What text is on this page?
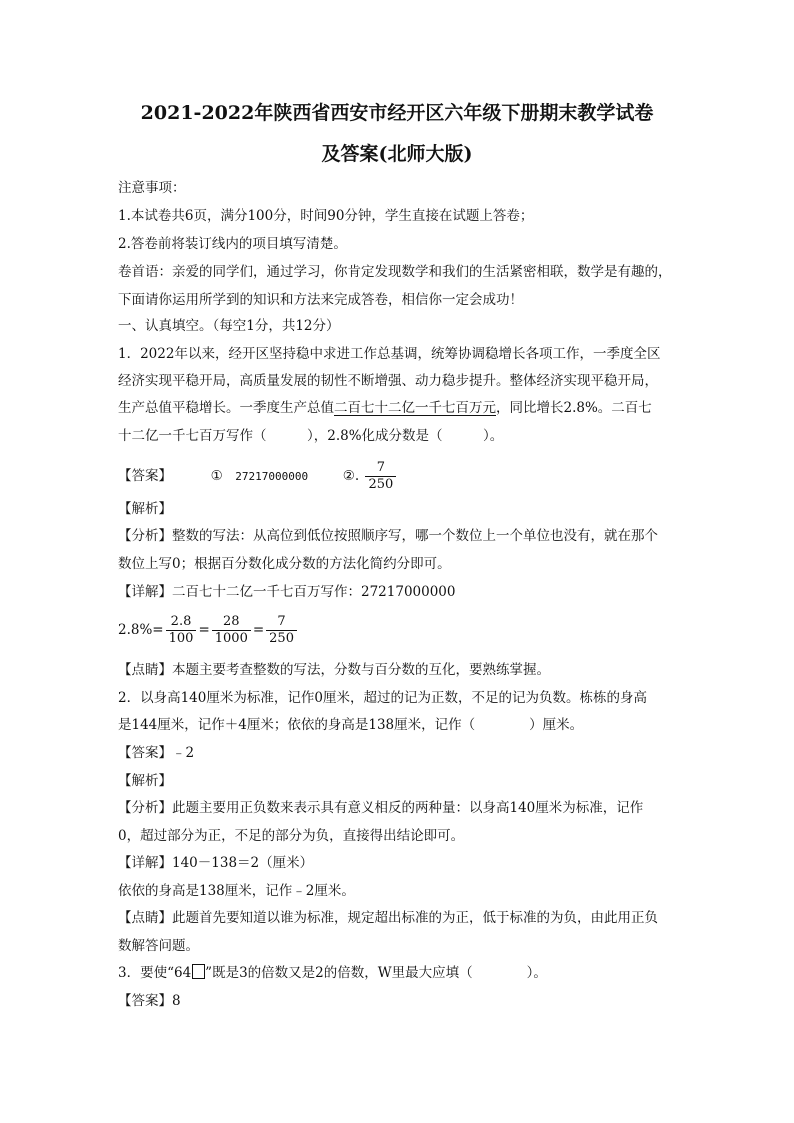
2021-2022年陕西省西安市经开区六年级下册期末教学试卷
及答案(北师大版)
注意事项：
1.本试卷共6页，满分100分，时间90分钟，学生直接在试题上答卷；
2.答卷前将装订线内的项目填写清楚。
卷首语：亲爱的同学们，通过学习，你肯定发现数学和我们的生活紧密相联，数学是有趣的，
下面请你运用所学到的知识和方法来完成答卷，相信你一定会成功！
一、认真填空。（每空1分，共12分）
1．2022年以来，经开区坚持稳中求进工作总基调，统筹协调稳增长各项工作，一季度全区
经济实现平稳开局，高质量发展的韧性不断增强、动力稳步提升。整体经济实现平稳开局，
生产总值平稳增长。一季度生产总值二百七十二亿一千七百万元，同比增长2.8%。二百七
十二亿一千七百万写作（　　　），2.8%化成分数是（　　　）。
【答案】	① 27217000000	②. $\frac{7}{250}$
【解析】
【分析】整数的写法：从高位到低位按照顺序写，哪一个数位上一个单位也没有，就在那个
数位上写0；根据百分数化成分数的方法化简约分即可。
【详解】二百七十二亿一千七百万写作：27217000000
$2.8\%= \frac{2.8}{100} = \frac{28}{1000} = \frac{7}{250}$
【点睛】本题主要考查整数的写法，分数与百分数的互化，要熟练掌握。
2．以身高140厘米为标准，记作0厘米，超过的记为正数，不足的记为负数。栋栋的身高
是144厘米，记作＋4厘米；依依的身高是138厘米，记作（　　　　）厘米。
【答案】﹣2
【解析】
【分析】此题主要用正负数来表示具有意义相反的两种量：以身高140厘米为标准，记作
0，超过部分为正，不足的部分为负，直接得出结论即可。
【详解】140－138＝2（厘米）
依依的身高是138厘米，记作﹣2厘米。
【点睛】此题首先要知道以谁为标准，规定超出标准的为正，低于标准的为负，由此用正负
数解答问题。
3．要使“64 ”既是3的倍数又是2的倍数，W里最大应填（　　　　）。
【答案】8
